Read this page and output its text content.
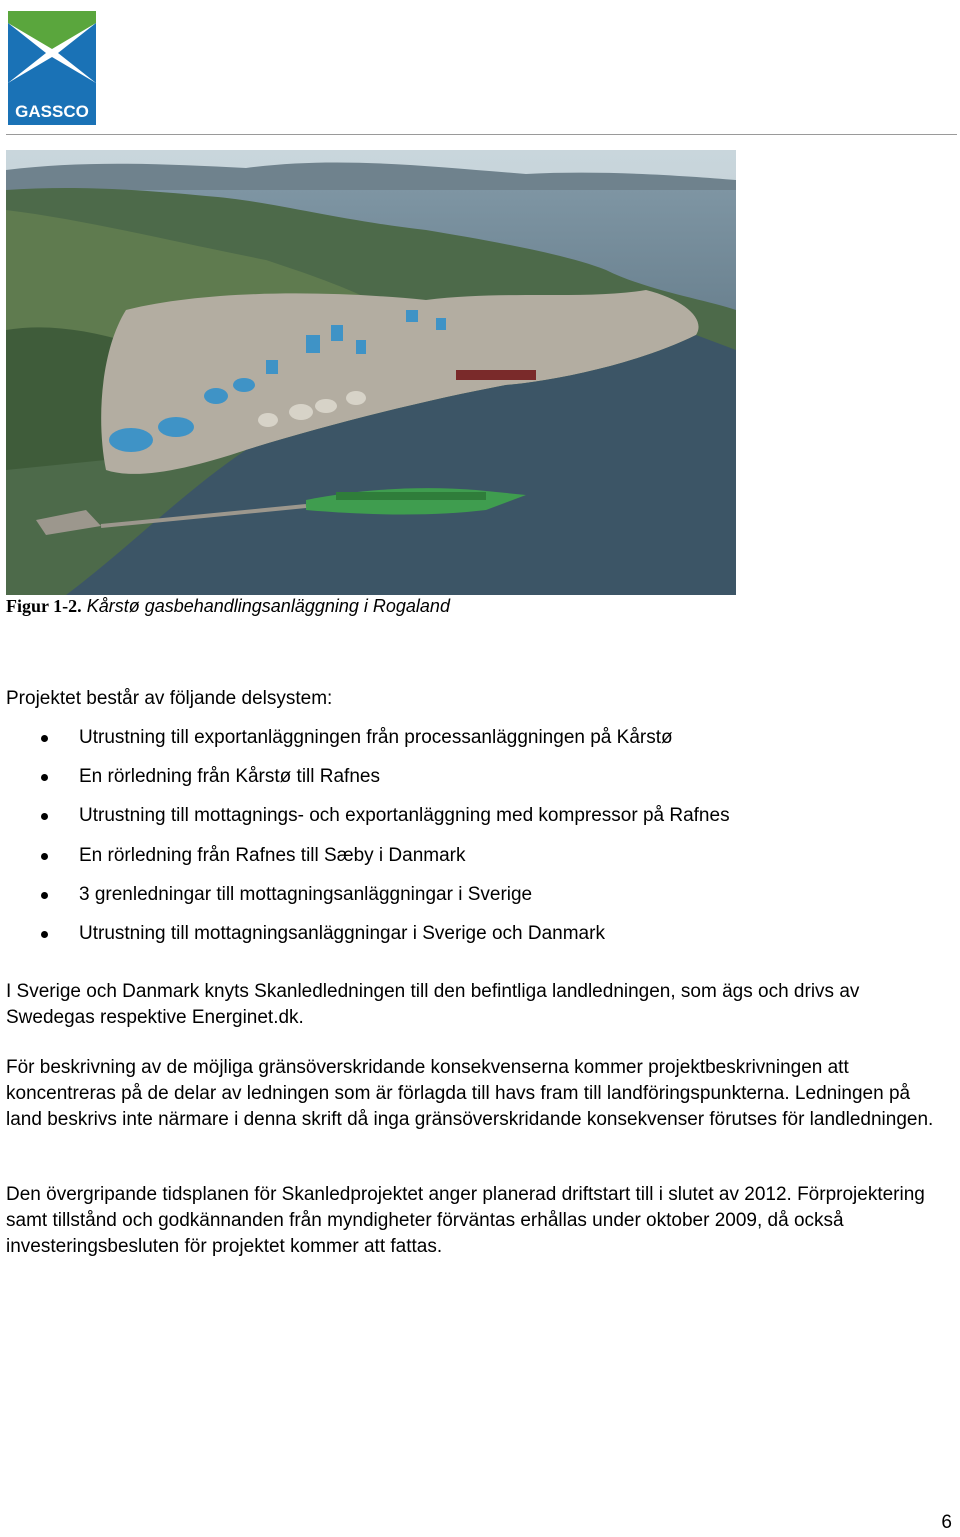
GASSCO
Figur 1-2. Kårstø gasbehandlingsanläggning i Rogaland
Projektet består av följande delsystem:
Utrustning till exportanläggningen från processanläggningen på Kårstø
En rörledning från Kårstø till Rafnes
Utrustning till mottagnings- och exportanläggning med kompressor på Rafnes
En rörledning från Rafnes till Sæby i Danmark
3 grenledningar till mottagningsanläggningar i Sverige
Utrustning till mottagningsanläggningar i Sverige och Danmark

I Sverige och Danmark knyts Skanledledningen till den befintliga landledningen, som ägs och drivs av Swedegas respektive Energinet.dk.

För beskrivning av de möjliga gränsöverskridande konsekvenserna kommer projektbeskrivningen att koncentreras på de delar av ledningen som är förlagda till havs fram till landföringspunkterna. Ledningen på land beskrivs inte närmare i denna skrift då inga gränsöverskridande konsekvenser förutses för landledningen.

Den övergripande tidsplanen för Skanledprojektet anger planerad driftstart till i slutet av 2012. Förprojektering samt tillstånd och godkännanden från myndigheter förväntas erhållas under oktober 2009, då också investeringsbesluten för projektet kommer att fattas.

6
